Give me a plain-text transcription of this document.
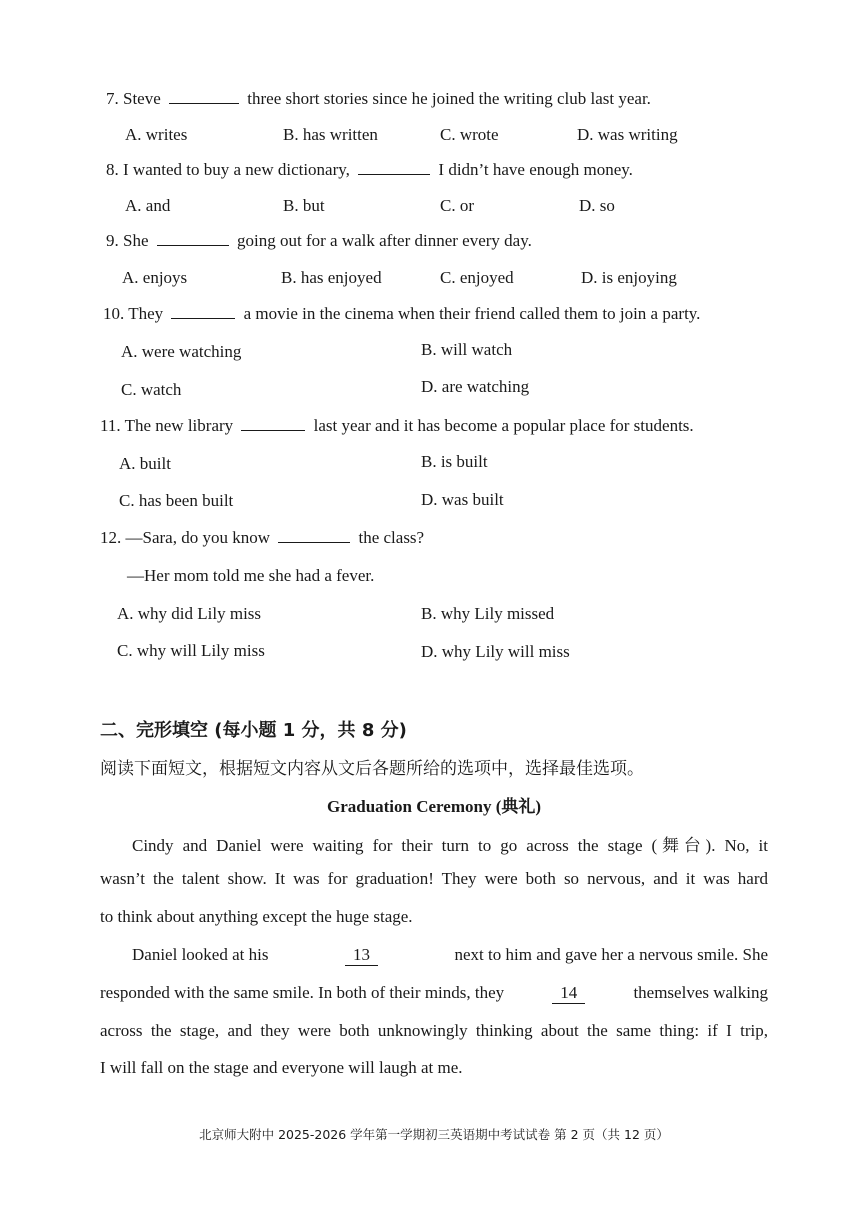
7. Steve	three short stories since he joined the writing club last year.
A. writes	B. has written	C. wrote	D. was writing
8. I wanted to buy a new dictionary,	I didn’t have enough money.
A. and	B. but	C. or	D. so
9. She	going out for a walk after dinner every day.
A. enjoys	B. has enjoyed	C. enjoyed	D. is enjoying
10. They	a movie in the cinema when their friend called them to join a party.
A. were watching	B. will watch
C. watch	D. are watching
11. The new library	last year and it has become a popular place for students.
A. built	B. is built
C. has been built	D. was built
12. —Sara, do you know	the class?
—Her mom told me she had a fever.
A. why did Lily miss	B. why Lily missed
C. why will Lily miss	D. why Lily will miss
二、完形填空 (每小题 1 分，共 8 分)
阅读下面短文，根据短文内容从文后各题所给的选项中，选择最佳选项。
Graduation Ceremony (典礼)
Cindy and Daniel were waiting for their turn to go across the stage (舞台). No, it
wasn’t the talent show. It was for graduation! They were both so nervous, and it was hard
to think about anything except the huge stage.
Daniel looked at his	13	next to him and gave her a nervous smile. She
responded with the same smile. In both of their minds, they	14	themselves walking
across the stage, and they were both unknowingly thinking about the same thing: if I trip,
I will fall on the stage and everyone will laugh at me.
北京师大附中 2025-2026 学年第一学期初三英语期中考试试卷 第 2 页（共 12 页）
